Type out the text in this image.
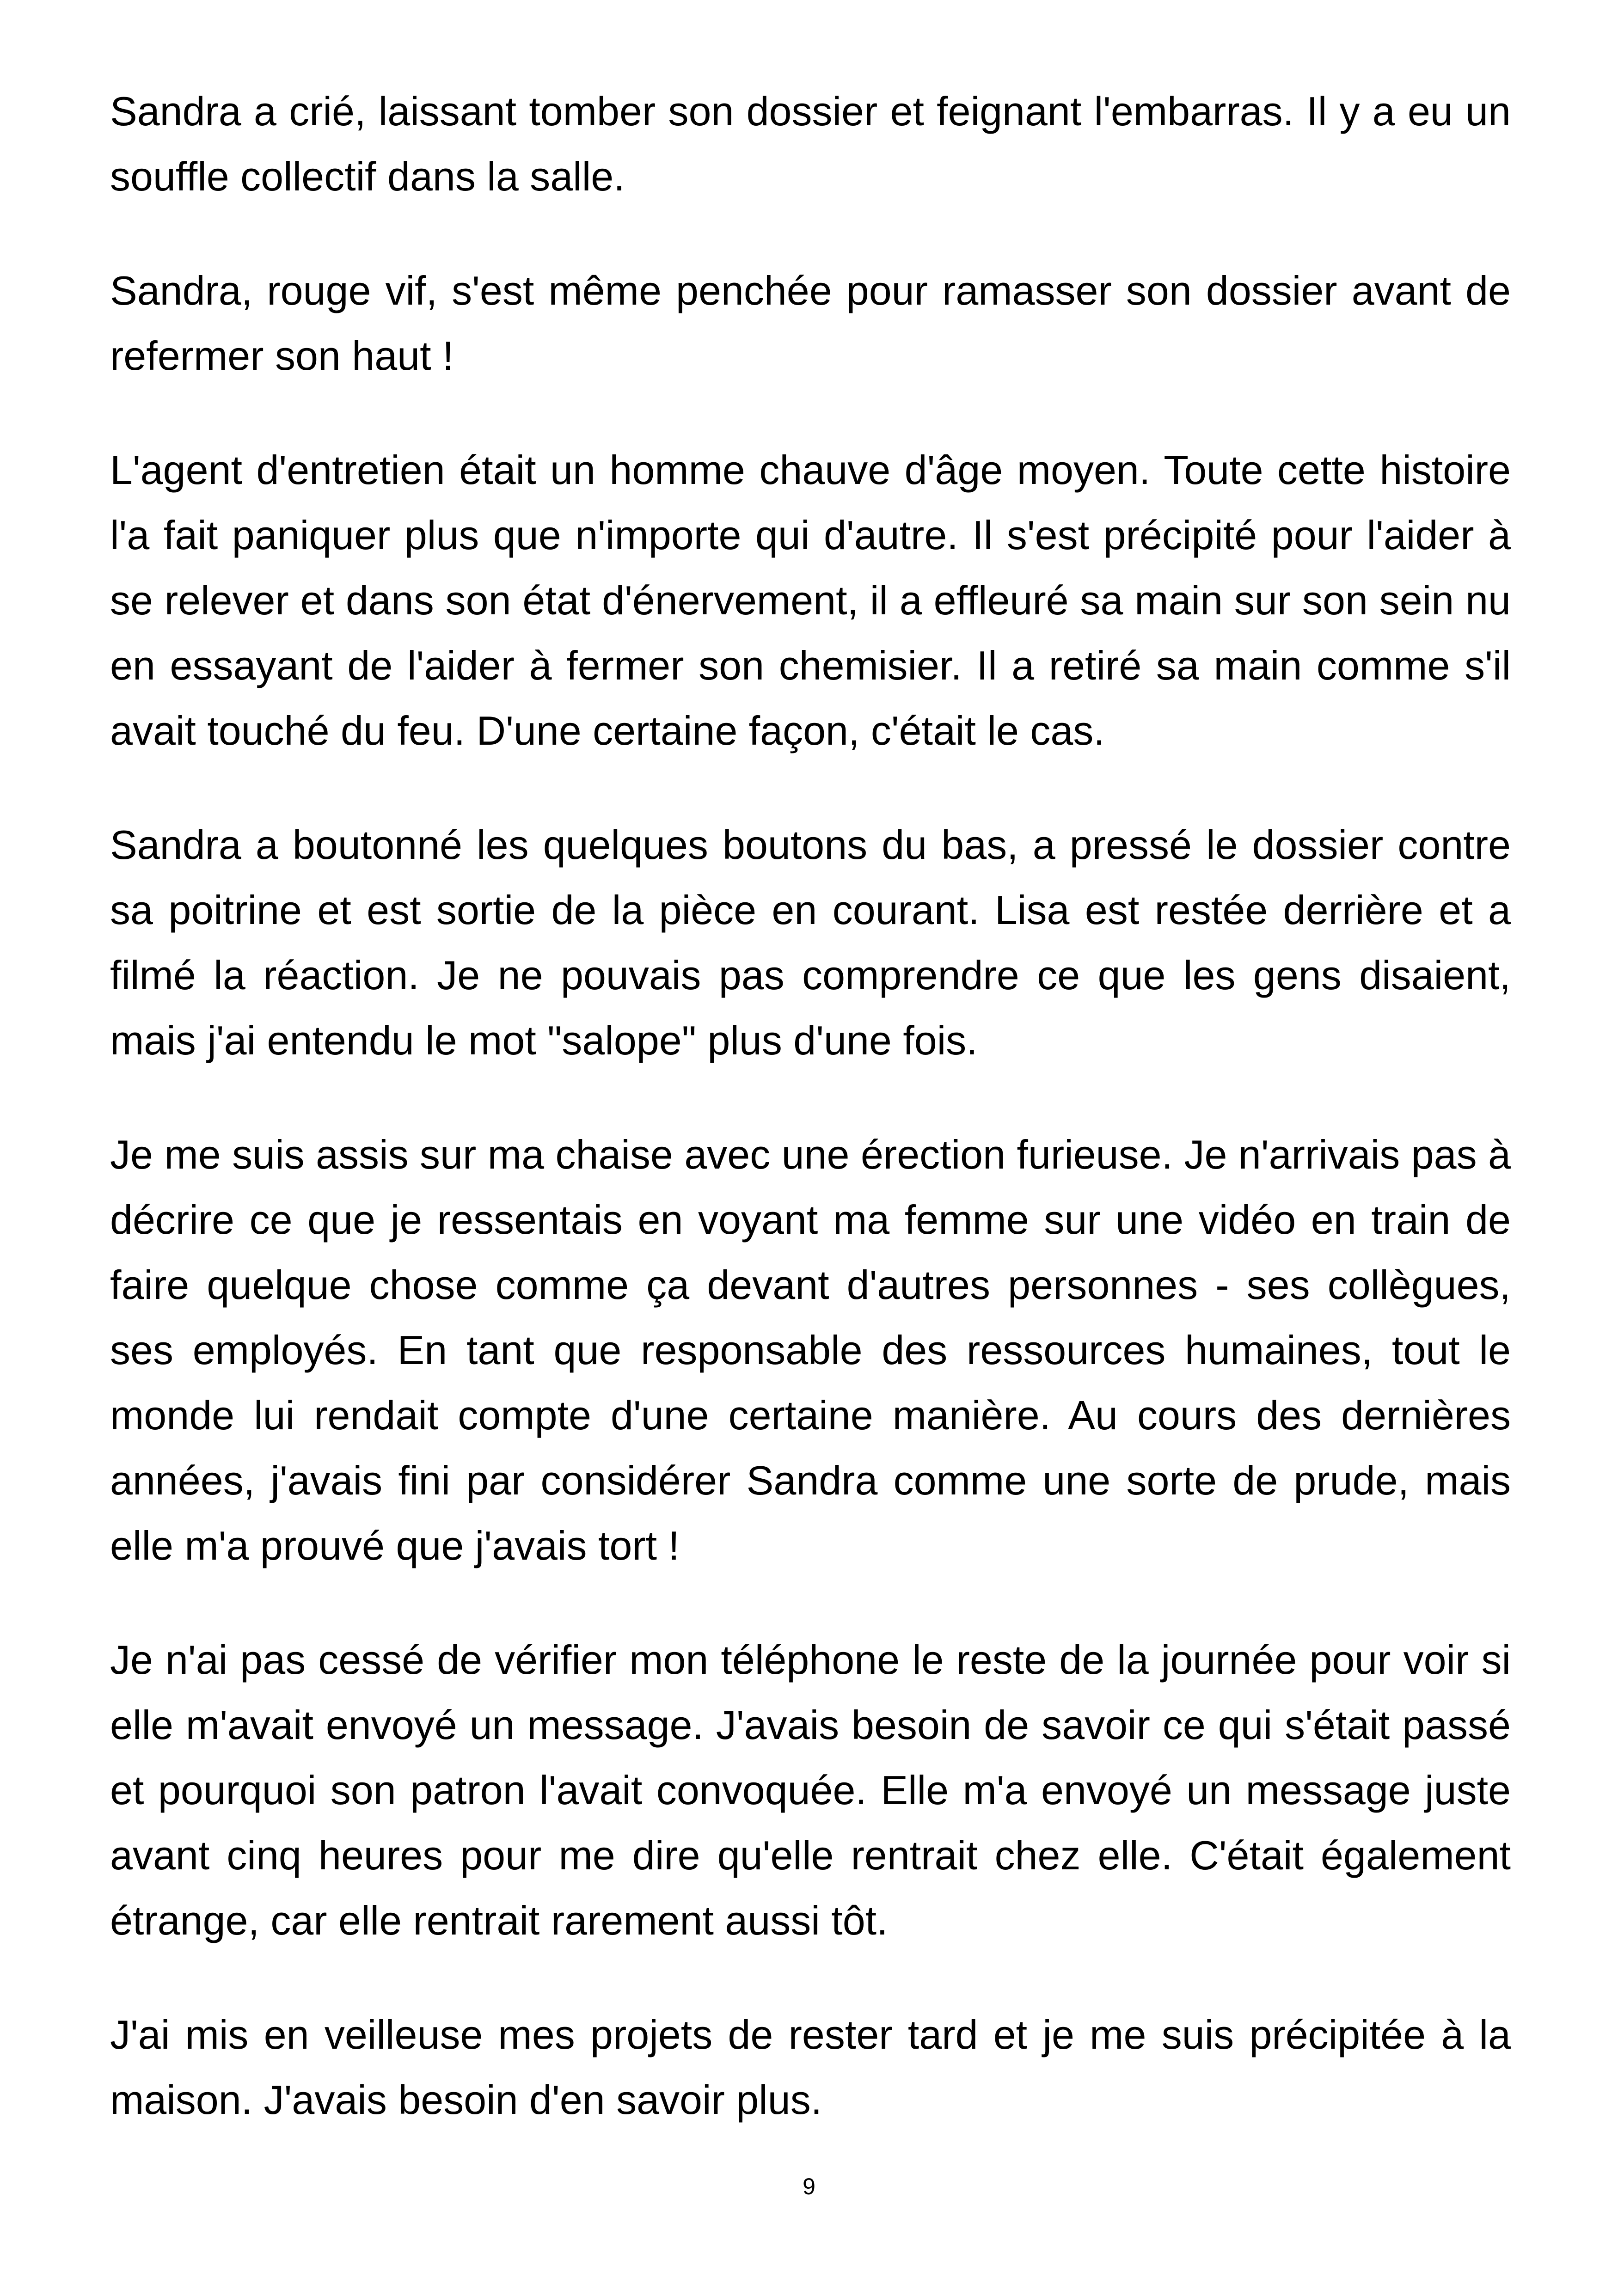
Sandra a crié, laissant tomber son dossier et feignant l'embarras. Il y a eu un souffle collectif dans la salle.

Sandra, rouge vif, s'est même penchée pour ramasser son dossier avant de refermer son haut !

L'agent d'entretien était un homme chauve d'âge moyen. Toute cette histoire l'a fait paniquer plus que n'importe qui d'autre. Il s'est précipité pour l'aider à se relever et dans son état d'énervement, il a effleuré sa main sur son sein nu en essayant de l'aider à fermer son chemisier. Il a retiré sa main comme s'il avait touché du feu. D'une certaine façon, c'était le cas.

Sandra a boutonné les quelques boutons du bas, a pressé le dossier contre sa poitrine et est sortie de la pièce en courant. Lisa est restée derrière et a filmé la réaction. Je ne pouvais pas comprendre ce que les gens disaient, mais j'ai entendu le mot "salope" plus d'une fois.

Je me suis assis sur ma chaise avec une érection furieuse. Je n'arrivais pas à décrire ce que je ressentais en voyant ma femme sur une vidéo en train de faire quelque chose comme ça devant d'autres personnes - ses collègues, ses employés. En tant que responsable des ressources humaines, tout le monde lui rendait compte d'une certaine manière. Au cours des dernières années, j'avais fini par considérer Sandra comme une sorte de prude, mais elle m'a prouvé que j'avais tort !

Je n'ai pas cessé de vérifier mon téléphone le reste de la journée pour voir si elle m'avait envoyé un message. J'avais besoin de savoir ce qui s'était passé et pourquoi son patron l'avait convoquée. Elle m'a envoyé un message juste avant cinq heures pour me dire qu'elle rentrait chez elle. C'était également étrange, car elle rentrait rarement aussi tôt.

J'ai mis en veilleuse mes projets de rester tard et je me suis précipitée à la maison. J'avais besoin d'en savoir plus.

9
